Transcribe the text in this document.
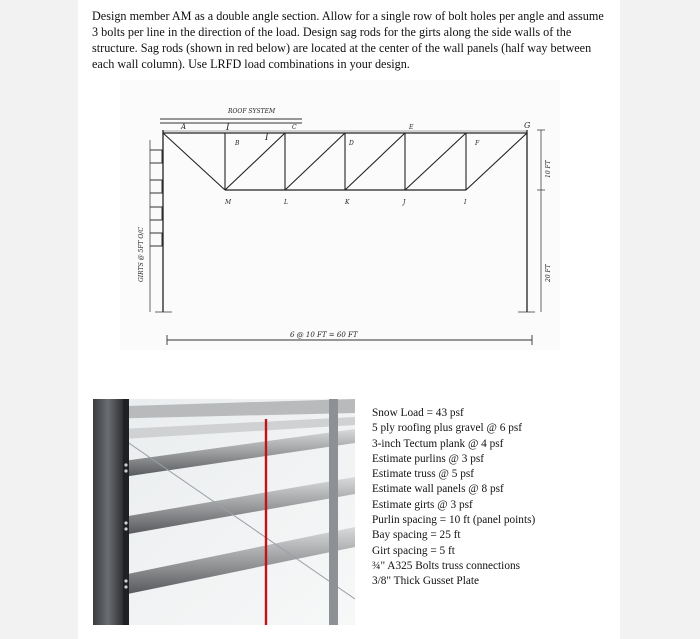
Design member AM as a double angle section. Allow for a single row of bolt holes per angle and assume 3 bolts per line in the direction of the load. Design sag rods for the girts along the side walls of the structure. Sag rods (shown in red below) are located at the center of the wall panels (half way between each wall column). Use LRFD load combinations in your design.

ROOF SYSTEM
I
I
GIRTS @ 5FT O/C
10 FT
20 FT
A
B
C
D
E
F
G
M	L	K	J	I
6 @ 10 FT = 60 FT
Snow Load = 43 psf
5 ply roofing plus gravel @ 6 psf
3-inch Tectum plank @ 4 psf
Estimate purlins @ 3 psf
Estimate truss @ 5 psf
Estimate wall panels @ 8 psf
Estimate girts @ 3 psf
Purlin spacing = 10 ft (panel points)
Bay spacing = 25 ft
Girt spacing = 5 ft
¾" A325 Bolts truss connections
3/8" Thick Gusset Plate
